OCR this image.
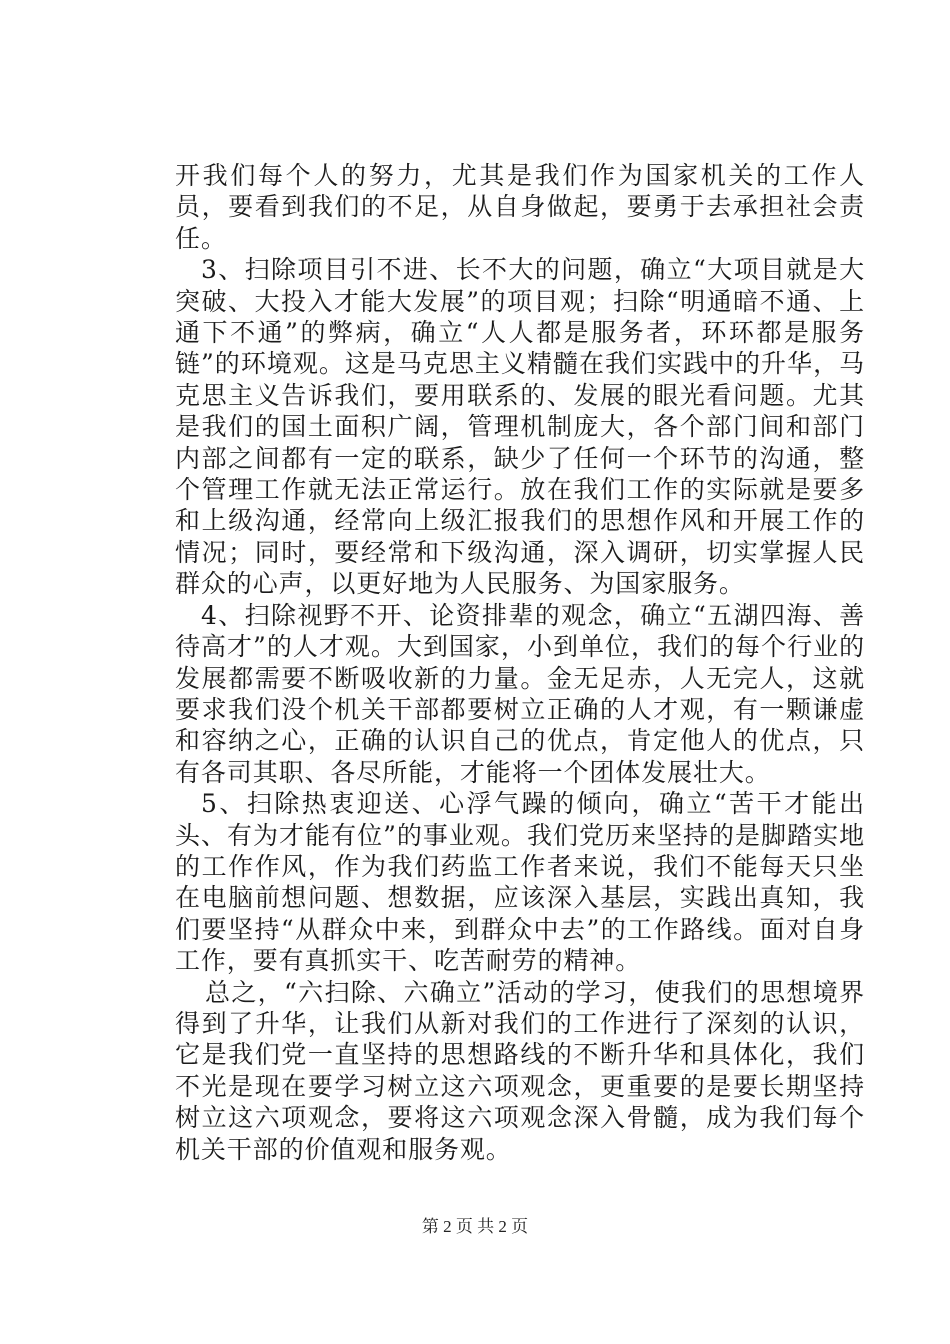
开我们每个人的努力，尤其是我们作为国家机关的工作人员，要看到我们的不足，从自身做起，要勇于去承担社会责任。

3、扫除项目引不进、长不大的问题，确立“大项目就是大突破、大投入才能大发展”的项目观；扫除“明通暗不通、上通下不通”的弊病，确立“人人都是服务者，环环都是服务链”的环境观。这是马克思主义精髓在我们实践中的升华，马克思主义告诉我们，要用联系的、发展的眼光看问题。尤其是我们的国土面积广阔，管理机制庞大，各个部门间和部门内部之间都有一定的联系，缺少了任何一个环节的沟通，整个管理工作就无法正常运行。放在我们工作的实际就是要多和上级沟通，经常向上级汇报我们的思想作风和开展工作的情况；同时，要经常和下级沟通，深入调研，切实掌握人民群众的心声，以更好地为人民服务、为国家服务。

4、扫除视野不开、论资排辈的观念，确立“五湖四海、善待高才”的人才观。大到国家，小到单位，我们的每个行业的发展都需要不断吸收新的力量。金无足赤，人无完人，这就要求我们没个机关干部都要树立正确的人才观，有一颗谦虚和容纳之心，正确的认识自己的优点，肯定他人的优点，只有各司其职、各尽所能，才能将一个团体发展壮大。

5、扫除热衷迎送、心浮气躁的倾向，确立“苦干才能出头、有为才能有位”的事业观。我们党历来坚持的是脚踏实地的工作作风，作为我们药监工作者来说，我们不能每天只坐在电脑前想问题、想数据，应该深入基层，实践出真知，我们要坚持“从群众中来，到群众中去”的工作路线。面对自身工作，要有真抓实干、吃苦耐劳的精神。

总之，“六扫除、六确立”活动的学习，使我们的思想境界得到了升华，让我们从新对我们的工作进行了深刻的认识，它是我们党一直坚持的思想路线的不断升华和具体化，我们不光是现在要学习树立这六项观念，更重要的是要长期坚持树立这六项观念，要将这六项观念深入骨髓，成为我们每个机关干部的价值观和服务观。

第 2 页 共 2 页
